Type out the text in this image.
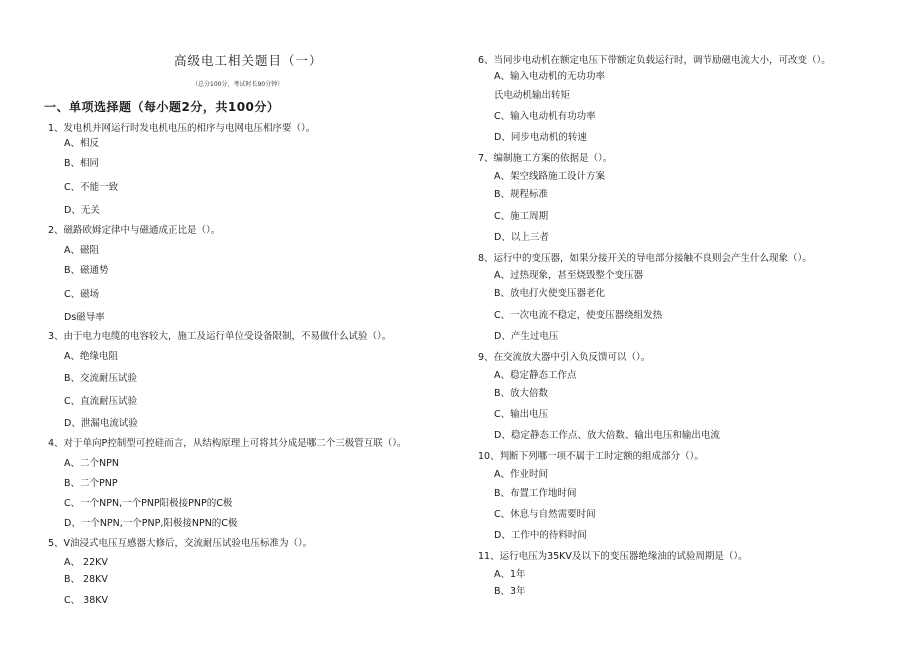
高级电工相关题目（一）
（总分100分，考试时长90分钟）
一、单项选择题（每小题2分，共100分）
1、发电机并网运行时发电机电压的相序与电网电压相序要（）。
A、相反
B、相同
C、不能一致
D、无关
2、磁路欧姆定律中与磁通成正比是（）。
A、磁阻
B、磁通势
C、磁场
Ds磁导率
3、由于电力电缆的电容较大，施工及运行单位受设备限制，不易做什么试验（）。
A、绝缘电阻
B、交流耐压试验
C、直流耐压试验
D、泄漏电流试验
4、对于单向P控制型可控硅而言，从结构原理上可将其分成是哪二个三极管互联（）。
A、二个NPN
B、二个PNP
C、一个NPN,一个PNP阳极接PNP的C极
D、一个NPN,一个PNP,阳极接NPN的C极
5、V油浸式电压互感器大修后，交流耐压试验电压标准为（）。
A、 22KV
B、 28KV
C、 38KV
6、当同步电动机在额定电压下带额定负载运行时，调节励磁电流大小，可改变（）。
A、输入电动机的无功功率
氏电动机输出转矩
C、输入电动机有功功率
D、同步电动机的转速
7、编制施工方案的依据是（）。
A、架空线路施工设计方案
B、规程标准
C、施工周期
D、以上三者
8、运行中的变压器，如果分接开关的导电部分接触不良则会产生什么现象（）。
A、过热现象，甚至烧毁整个变压器
B、放电打火使变压器老化
C、一次电流不稳定，使变压器绕组发热
D、产生过电压
9、在交流放大器中引入负反馈可以（）。
A、稳定静态工作点
B、放大倍数
C、输出电压
D、稳定静态工作点、放大倍数、输出电压和输出电流
10、判断下列哪一项不属于工时定额的组成部分（）。
A、作业时间
B、布置工作地时间
C、休息与自然需要时间
D、工作中的待料时间
11、运行电压为35KV及以下的变压器绝缘油的试验周期是（）。
A、1年
B、3年
